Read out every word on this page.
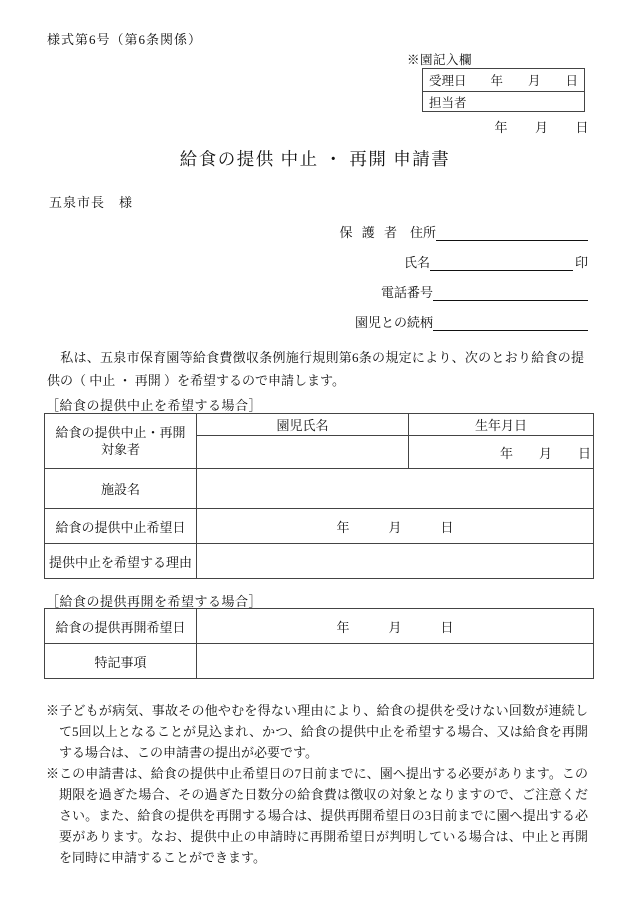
様式第6号（第6条関係）
※園記入欄
受理日 年　　月　　日

担当者
年　　月　　日
給食の提供 中止 ・ 再開 申請書
五泉市長　様
保 護 者 住所
氏名	印
電話番号
園児との続柄

　私は、五泉市保育園等給食費徴収条例施行規則第6条の規定により、次のとおり給食の提供の（ 中止 ・ 再開 ）を希望するので申請します。

［給食の提供中止を希望する場合］
給食の提供中止・再開
対象者	園児氏名	生年月日
		年　　月　　日
施設名		
給食の提供中止希望日	年　　　月　　　日	
提供中止を希望する理由		
［給食の提供再開を希望する場合］
給食の提供再開希望日	年　　　月　　　日
特記事項	

※子どもが病気、事故その他やむを得ない理由により、給食の提供を受けない回数が連続して5回以上となることが見込まれ、かつ、給食の提供中止を希望する場合、又は給食を再開する場合は、この申請書の提出が必要です。

※この申請書は、給食の提供中止希望日の7日前までに、園へ提出する必要があります。この期限を過ぎた場合、その過ぎた日数分の給食費は徴収の対象となりますので、ご注意ください。また、給食の提供を再開する場合は、提供再開希望日の3日前までに園へ提出する必要があります。なお、提供中止の申請時に再開希望日が判明している場合は、中止と再開を同時に申請することができます。
